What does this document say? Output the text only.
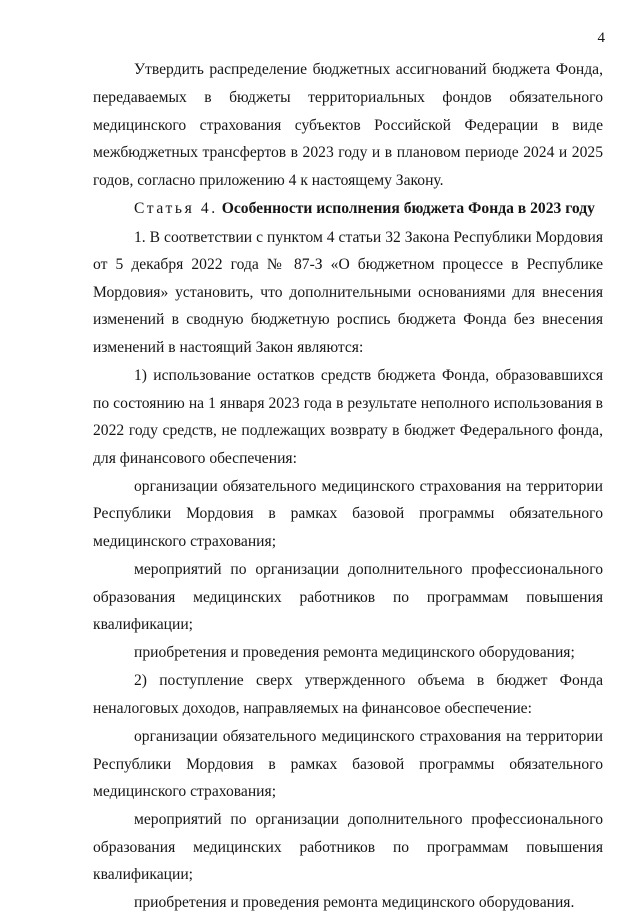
4
Утвердить распределение бюджетных ассигнований бюджета Фонда,
передаваемых в бюджеты территориальных фондов обязательного
медицинского страхования субъектов Российской Федерации в виде
межбюджетных трансфертов в 2023 году и в плановом периоде 2024 и 2025
годов, согласно приложению 4 к настоящему Закону.
Статья 4. Особенности исполнения бюджета Фонда в 2023 году
1. В соответствии с пунктом 4 статьи 32 Закона Республики Мордовия
от 5 декабря 2022 года № 87-З «О бюджетном процессе в Республике
Мордовия» установить, что дополнительными основаниями для внесения
изменений в сводную бюджетную роспись бюджета Фонда без внесения
изменений в настоящий Закон являются:
1) использование остатков средств бюджета Фонда, образовавшихся
по состоянию на 1 января 2023 года в результате неполного использования в
2022 году средств, не подлежащих возврату в бюджет Федерального фонда,
для финансового обеспечения:
организации обязательного медицинского страхования на территории
Республики Мордовия в рамках базовой программы обязательного
медицинского страхования;
мероприятий по организации дополнительного профессионального
образования медицинских работников по программам повышения
квалификации;
приобретения и проведения ремонта медицинского оборудования;
2) поступление сверх утвержденного объема в бюджет Фонда
неналоговых доходов, направляемых на финансовое обеспечение:
организации обязательного медицинского страхования на территории
Республики Мордовия в рамках базовой программы обязательного
медицинского страхования;
мероприятий по организации дополнительного профессионального
образования медицинских работников по программам повышения
квалификации;
приобретения и проведения ремонта медицинского оборудования.
